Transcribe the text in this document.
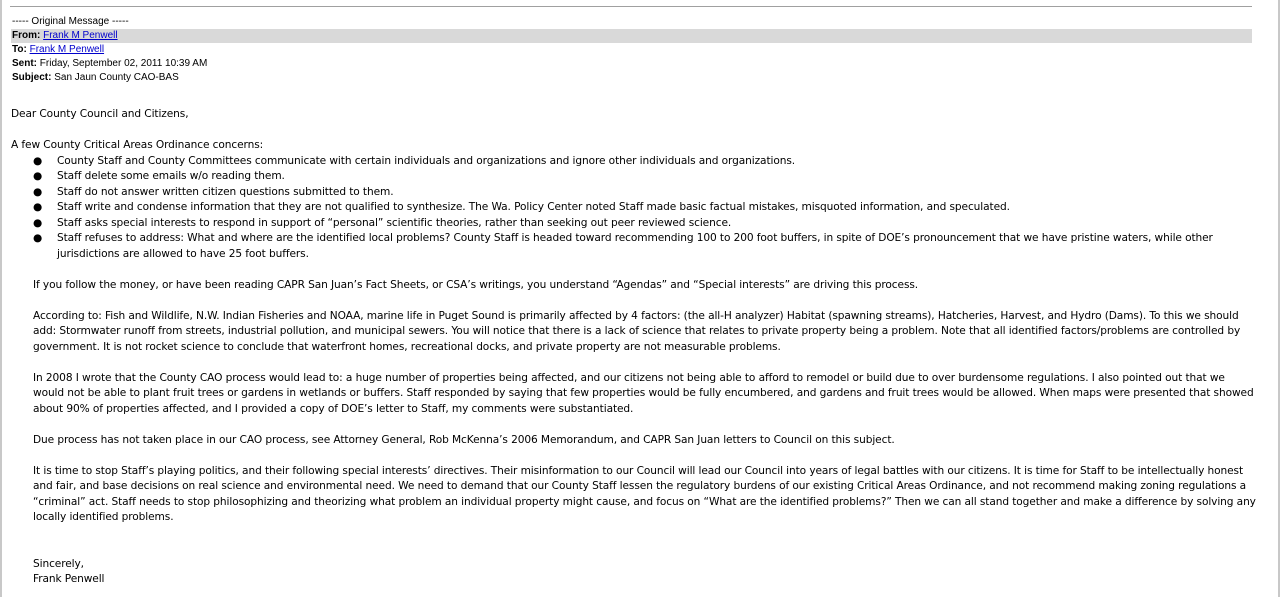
----- Original Message -----
From: Frank M Penwell
To: Frank M Penwell
Sent: Friday, September 02, 2011 10:39 AM
Subject: San Jaun County CAO-BAS

Dear County Council and Citizens,

A few County Critical Areas Ordinance concerns:

● County Staff and County Committees communicate with certain individuals and organizations and ignore other individuals and organizations.
● Staff delete some emails w/o reading them.
● Staff do not answer written citizen questions submitted to them.
● Staff write and condense information that they are not qualified to synthesize. The Wa. Policy Center noted Staff made basic factual mistakes, misquoted information, and speculated.
● Staff asks special interests to respond in support of “personal” scientific theories, rather than seeking out peer reviewed science.
● Staff refuses to address: What and where are the identified local problems? County Staff is headed toward recommending 100 to 200 foot buffers, in spite of DOE’s pronouncement that we have pristine waters, while other jurisdictions are allowed to have 25 foot buffers.

If you follow the money, or have been reading CAPR San Juan’s Fact Sheets, or CSA’s writings, you understand “Agendas” and “Special interests” are driving this process.

According to: Fish and Wildlife, N.W. Indian Fisheries and NOAA, marine life in Puget Sound is primarily affected by 4 factors: (the all-H analyzer) Habitat (spawning streams), Hatcheries, Harvest, and Hydro (Dams). To this we should add: Stormwater runoff from streets, industrial pollution, and municipal sewers. You will notice that there is a lack of science that relates to private property being a problem. Note that all identified factors/problems are controlled by government. It is not rocket science to conclude that waterfront homes, recreational docks, and private property are not measurable problems.

In 2008 I wrote that the County CAO process would lead to: a huge number of properties being affected, and our citizens not being able to afford to remodel or build due to over burdensome regulations. I also pointed out that we would not be able to plant fruit trees or gardens in wetlands or buffers. Staff responded by saying that few properties would be fully encumbered, and gardens and fruit trees would be allowed. When maps were presented that showed about 90% of properties affected, and I provided a copy of DOE’s letter to Staff, my comments were substantiated.

Due process has not taken place in our CAO process, see Attorney General, Rob McKenna’s 2006 Memorandum, and CAPR San Juan letters to Council on this subject.

It is time to stop Staff’s playing politics, and their following special interests’ directives. Their misinformation to our Council will lead our Council into years of legal battles with our citizens. It is time for Staff to be intellectually honest and fair, and base decisions on real science and environmental need. We need to demand that our County Staff lessen the regulatory burdens of our existing Critical Areas Ordinance, and not recommend making zoning regulations a “criminal” act. Staff needs to stop philosophizing and theorizing what problem an individual property might cause, and focus on “What are the identified problems?” Then we can all stand together and make a difference by solving any locally identified problems.

Sincerely,

Frank Penwell
